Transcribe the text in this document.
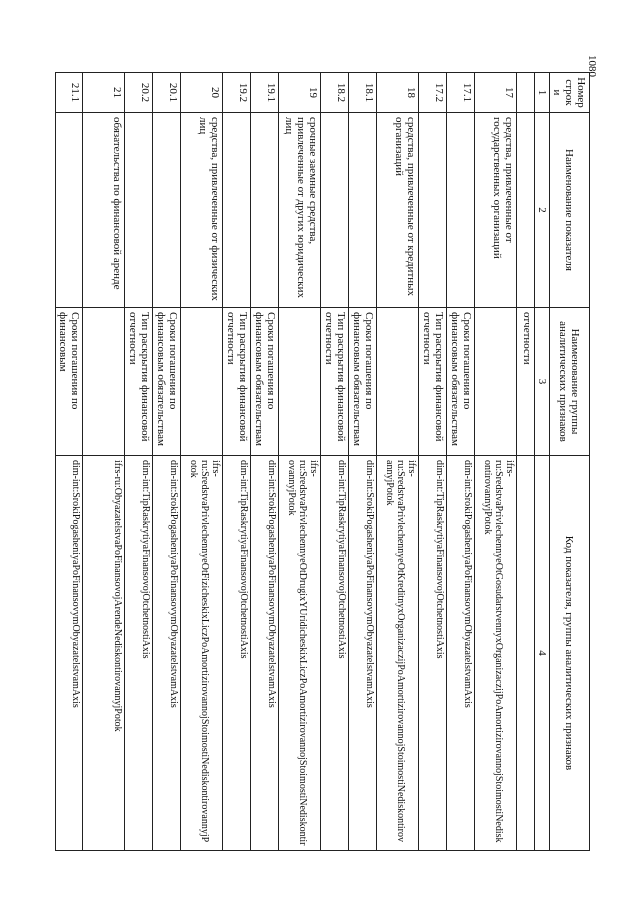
1080
Номер строки	Наименование показателя	Наименование группы аналитических признаков	Код показателя, группы аналитических признаков
1	2	3	4
		отчетности	
17	средства, привлеченные от государственных организаций		ifrs-ru:SredstvaPrivlechennyeOtGosudarstvennyxOrganizaczijPoAmortizirovannojStoimostiNediskontirovannyjPotok
17.1		Сроки погашения по финансовым обязательствам	dim-int:SrokiPogasheniyaPoFinansovymObyazatelstvamAxis
17.2		Тип раскрытия финансовой отчетности	dim-int:TipRaskrytiyaFinansovojOtchetnostiAxis
18	средства, привлеченные от кредитных организаций		ifrs-ru:SredstvaPrivlechennyeOtKreditnyxOrganizaczijPoAmortizirovannojStoimostiNediskontirovannyjPotok
18.1		Сроки погашения по финансовым обязательствам	dim-int:SrokiPogasheniyaPoFinansovymObyazatelstvamAxis
18.2		Тип раскрытия финансовой отчетности	dim-int:TipRaskrytiyaFinansovojOtchetnostiAxis
19	срочные заемные средства, привлеченные от других юридических лиц		ifrs-ru:SredstvaPrivlechennyeOtDrugixYUridicheskixLiczPoAmortizirovannojStoimostiNediskontirovannyjPotok
19.1		Сроки погашения по финансовым обязательствам	dim-int:SrokiPogasheniyaPoFinansovymObyazatelstvamAxis
19.2		Тип раскрытия финансовой отчетности	dim-int:TipRaskrytiyaFinansovojOtchetnostiAxis
20	средства, привлеченные от физических лиц		ifrs-ru:SredstvaPrivlechennyeOtFizicheskixLiczPoAmortizirovannojStoimostiNediskontirovannyjPotok
20.1		Сроки погашения по финансовым обязательствам	dim-int:SrokiPogasheniyaPoFinansovymObyazatelstvamAxis
20.2		Тип раскрытия финансовой отчетности	dim-int:TipRaskrytiyaFinansovojOtchetnostiAxis
21	обязательства по финансовой аренде		ifrs-ru:ObyazatelstvaPoFinansovojArendeNediskontirovannyjPotok
21.1		Сроки погашения по финансовым	dim-int:SrokiPogasheniyaPoFinansovymObyazatelstvamAxis
